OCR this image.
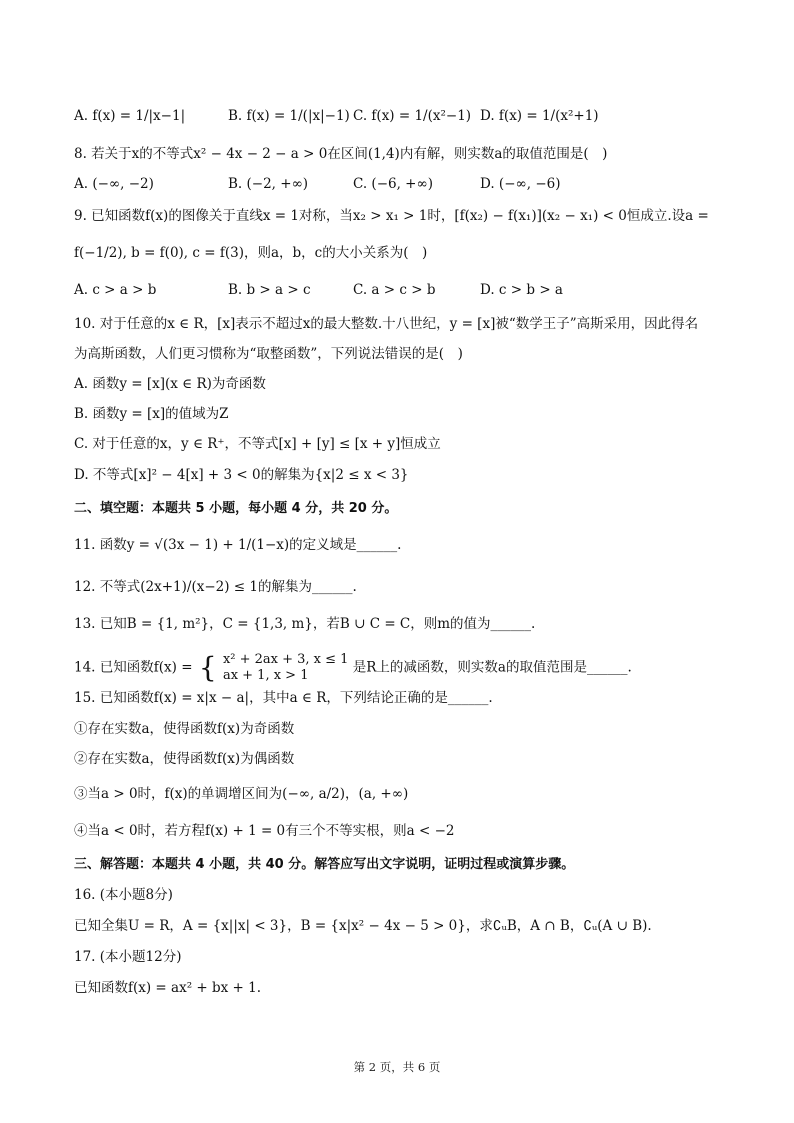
A. f(x) = 1/|x−1|	B. f(x) = 1/(|x|−1) C. f(x) = 1/(x²−1) D. f(x) = 1/(x²+1)
8. 若关于x的不等式x² − 4x − 2 − a > 0在区间(1,4)内有解，则实数a的取值范围是(　)
A. (−∞, −2)	B. (−2, +∞)	C. (−6, +∞)	D. (−∞, −6)
9. 已知函数f(x)的图像关于直线x = 1对称，当x₂ > x₁ > 1时，[f(x₂) − f(x₁)](x₂ − x₁) < 0恒成立.设a =
f(−1/2), b = f(0), c = f(3)，则a，b，c的大小关系为(　)
A. c > a > b	B. b > a > c	C. a > c > b	D. c > b > a
10. 对于任意的x ∈ R，[x]表示不超过x的最大整数.十八世纪，y = [x]被“数学王子”高斯采用，因此得名
为高斯函数，人们更习惯称为“取整函数”，下列说法错误的是(　)
A. 函数y = [x](x ∈ R)为奇函数
B. 函数y = [x]的值域为Z
C. 对于任意的x，y ∈ R⁺，不等式[x] + [y] ≤ [x + y]恒成立
D. 不等式[x]² − 4[x] + 3 < 0的解集为{x|2 ≤ x < 3}
二、填空题：本题共 5 小题，每小题 4 分，共 20 分。
11. 函数y = √(3x − 1) + 1/(1−x)的定义域是______.
12. 不等式(2x+1)/(x−2) ≤ 1的解集为______.
13. 已知B = {1, m²}，C = {1,3, m}，若B ∪ C = C，则m的值为______.
14. 已知函数f(x) = { x² + 2ax + 3, x ≤ 1
ax + 1, x > 1 是R上的减函数，则实数a的取值范围是______.
15. 已知函数f(x) = x|x − a|，其中a ∈ R，下列结论正确的是______.
①存在实数a，使得函数f(x)为奇函数
②存在实数a，使得函数f(x)为偶函数
③当a > 0时，f(x)的单调增区间为(−∞, a/2)，(a, +∞)
④当a < 0时，若方程f(x) + 1 = 0有三个不等实根，则a < −2
三、解答题：本题共 4 小题，共 40 分。解答应写出文字说明，证明过程或演算步骤。
16. (本小题8分)
已知全集U = R，A = {x||x| < 3}，B = {x|x² − 4x − 5 > 0}，求∁ᵤB，A ∩ B，∁ᵤ(A ∪ B).
17. (本小题12分)
已知函数f(x) = ax² + bx + 1.
第 2 页，共 6 页
